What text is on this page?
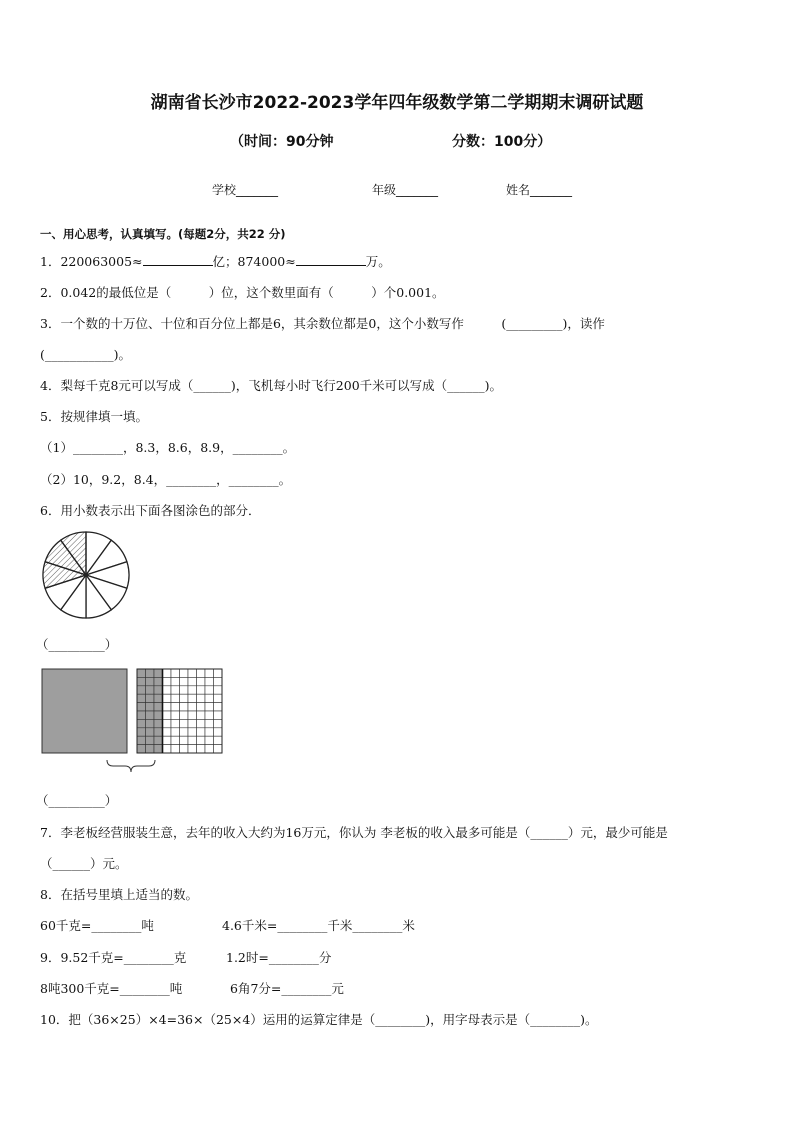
湖南省长沙市2022-2023学年四年级数学第二学期期末调研试题
（时间：90分钟	分数：100分）
学校_______	年级_______	姓名_______
一、用心思考，认真填写。(每题2分，共22 分)
1．220063005≈	亿；874000≈	万。
2．0.042的最低位是（　　　）位，这个数里面有（　　　）个0.001。
3．一个数的十万位、十位和百分位上都是6，其余数位都是0，这个小数写作　　　(_________)，读作
(___________)。
4．梨每千克8元可以写成（______)，飞机每小时飞行200千米可以写成（______)。
5．按规律填一填。
（1）________，8.3，8.6，8.9，________。
（2）10，9.2，8.4，________，________。
6．用小数表示出下面各图涂色的部分．
（_________）
（_________）
7．李老板经营服装生意，去年的收入大约为16万元，你认为 李老板的收入最多可能是（______）元，最少可能是
（______）元。
8．在括号里填上适当的数。
60千克=________吨	4.6千米=________千米________米
9．9.52千克=________克	1.2时=________分
8吨300千克=________吨	6角7分=________元
10．把（36×25）×4=36×（25×4）运用的运算定律是（________)，用字母表示是（________)。
